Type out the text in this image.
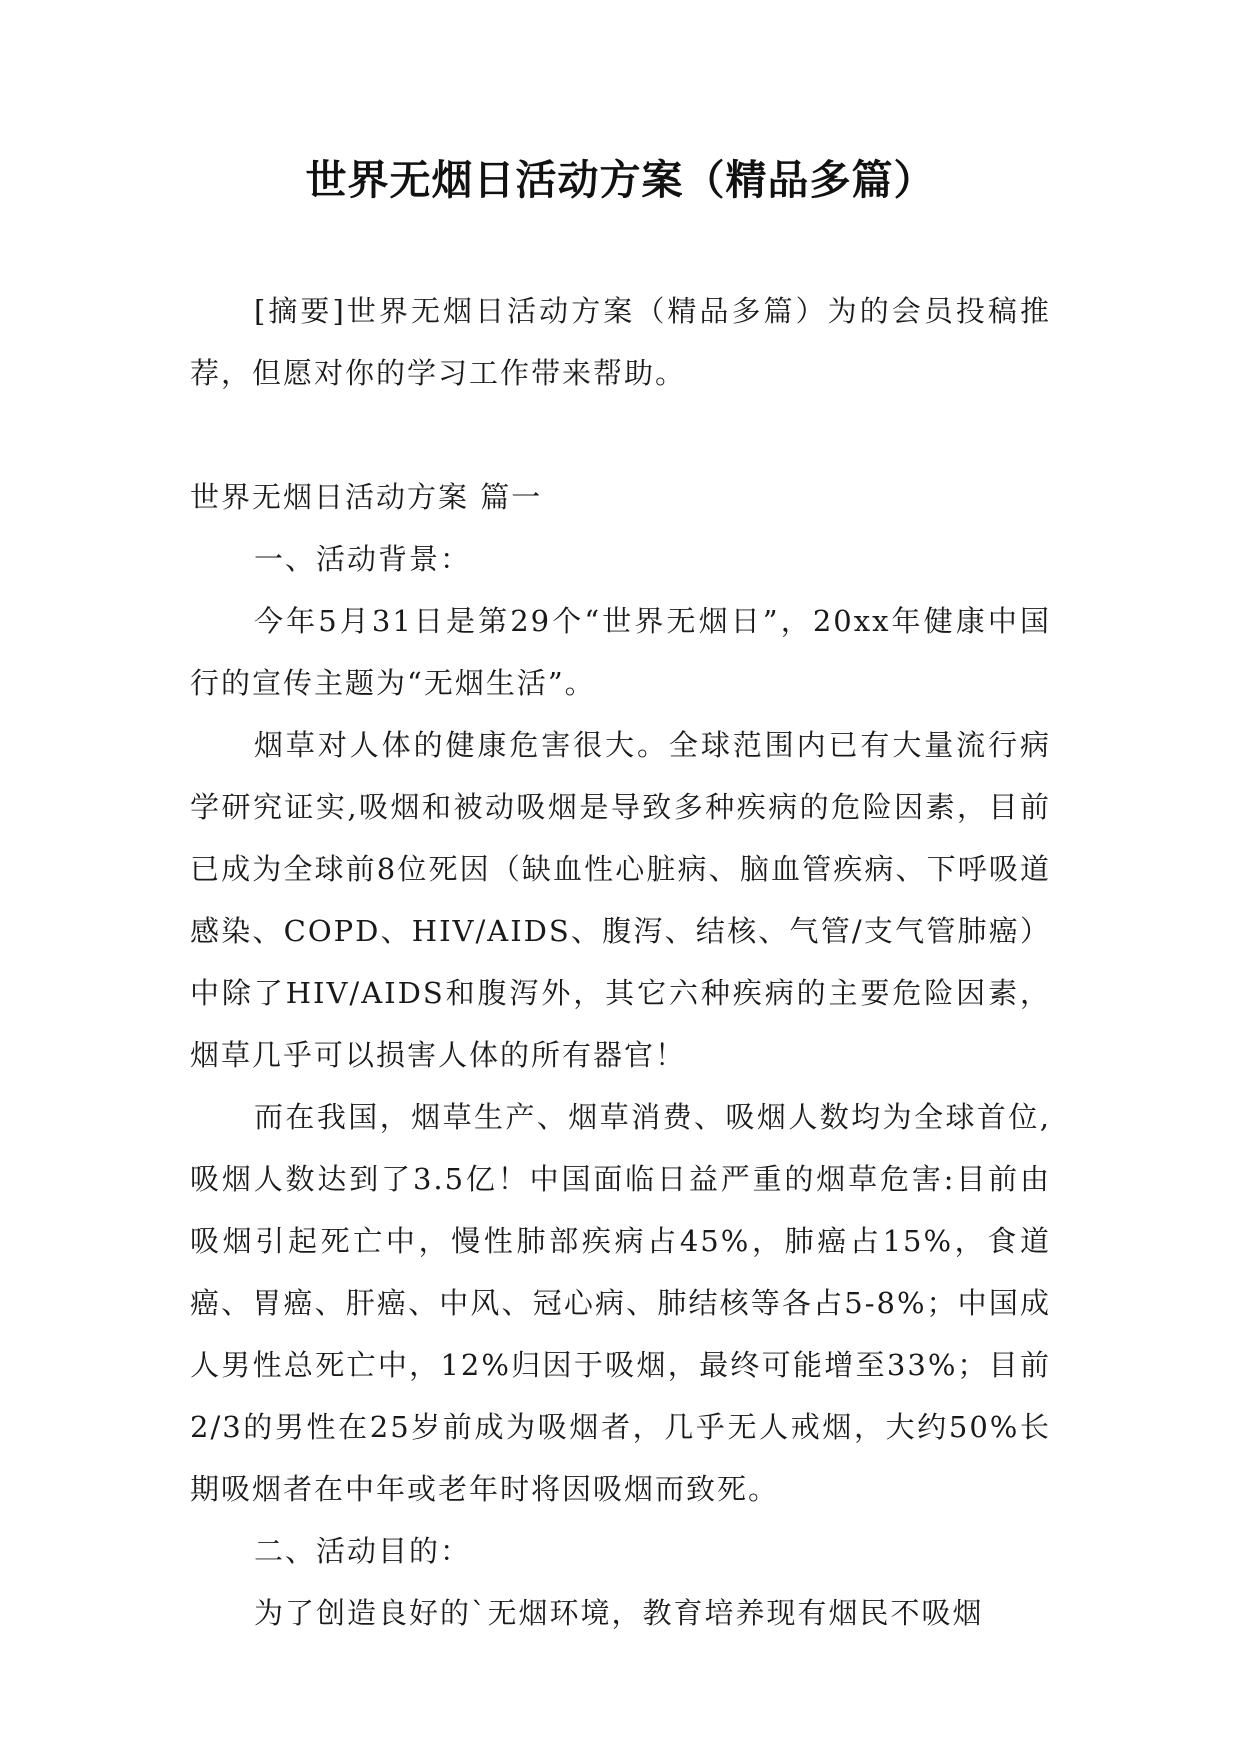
世界无烟日活动方案（精品多篇）

[摘要]世界无烟日活动方案（精品多篇）为的会员投稿推荐，但愿对你的学习工作带来帮助。

世界无烟日活动方案 篇一

一、活动背景：

今年5月31日是第29个“世界无烟日”，20xx年健康中国行的宣传主题为“无烟生活”。

烟草对人体的健康危害很大。全球范围内已有大量流行病学研究证实,吸烟和被动吸烟是导致多种疾病的危险因素，目前已成为全球前8位死因（缺血性心脏病、脑血管疾病、下呼吸道感染、COPD、HIV/AIDS、腹泻、结核、气管/支气管肺癌）中除了HIV/AIDS和腹泻外，其它六种疾病的主要危险因素，烟草几乎可以损害人体的所有器官！

而在我国，烟草生产、烟草消费、吸烟人数均为全球首位,吸烟人数达到了3.5亿！中国面临日益严重的烟草危害:目前由吸烟引起死亡中，慢性肺部疾病占45%，肺癌占15%，食道癌、胃癌、肝癌、中风、冠心病、肺结核等各占5-8%；中国成人男性总死亡中，12%归因于吸烟，最终可能增至33%；目前2/3的男性在25岁前成为吸烟者，几乎无人戒烟，大约50%长期吸烟者在中年或老年时将因吸烟而致死。

二、活动目的：

为了创造良好的`无烟环境，教育培养现有烟民不吸烟
